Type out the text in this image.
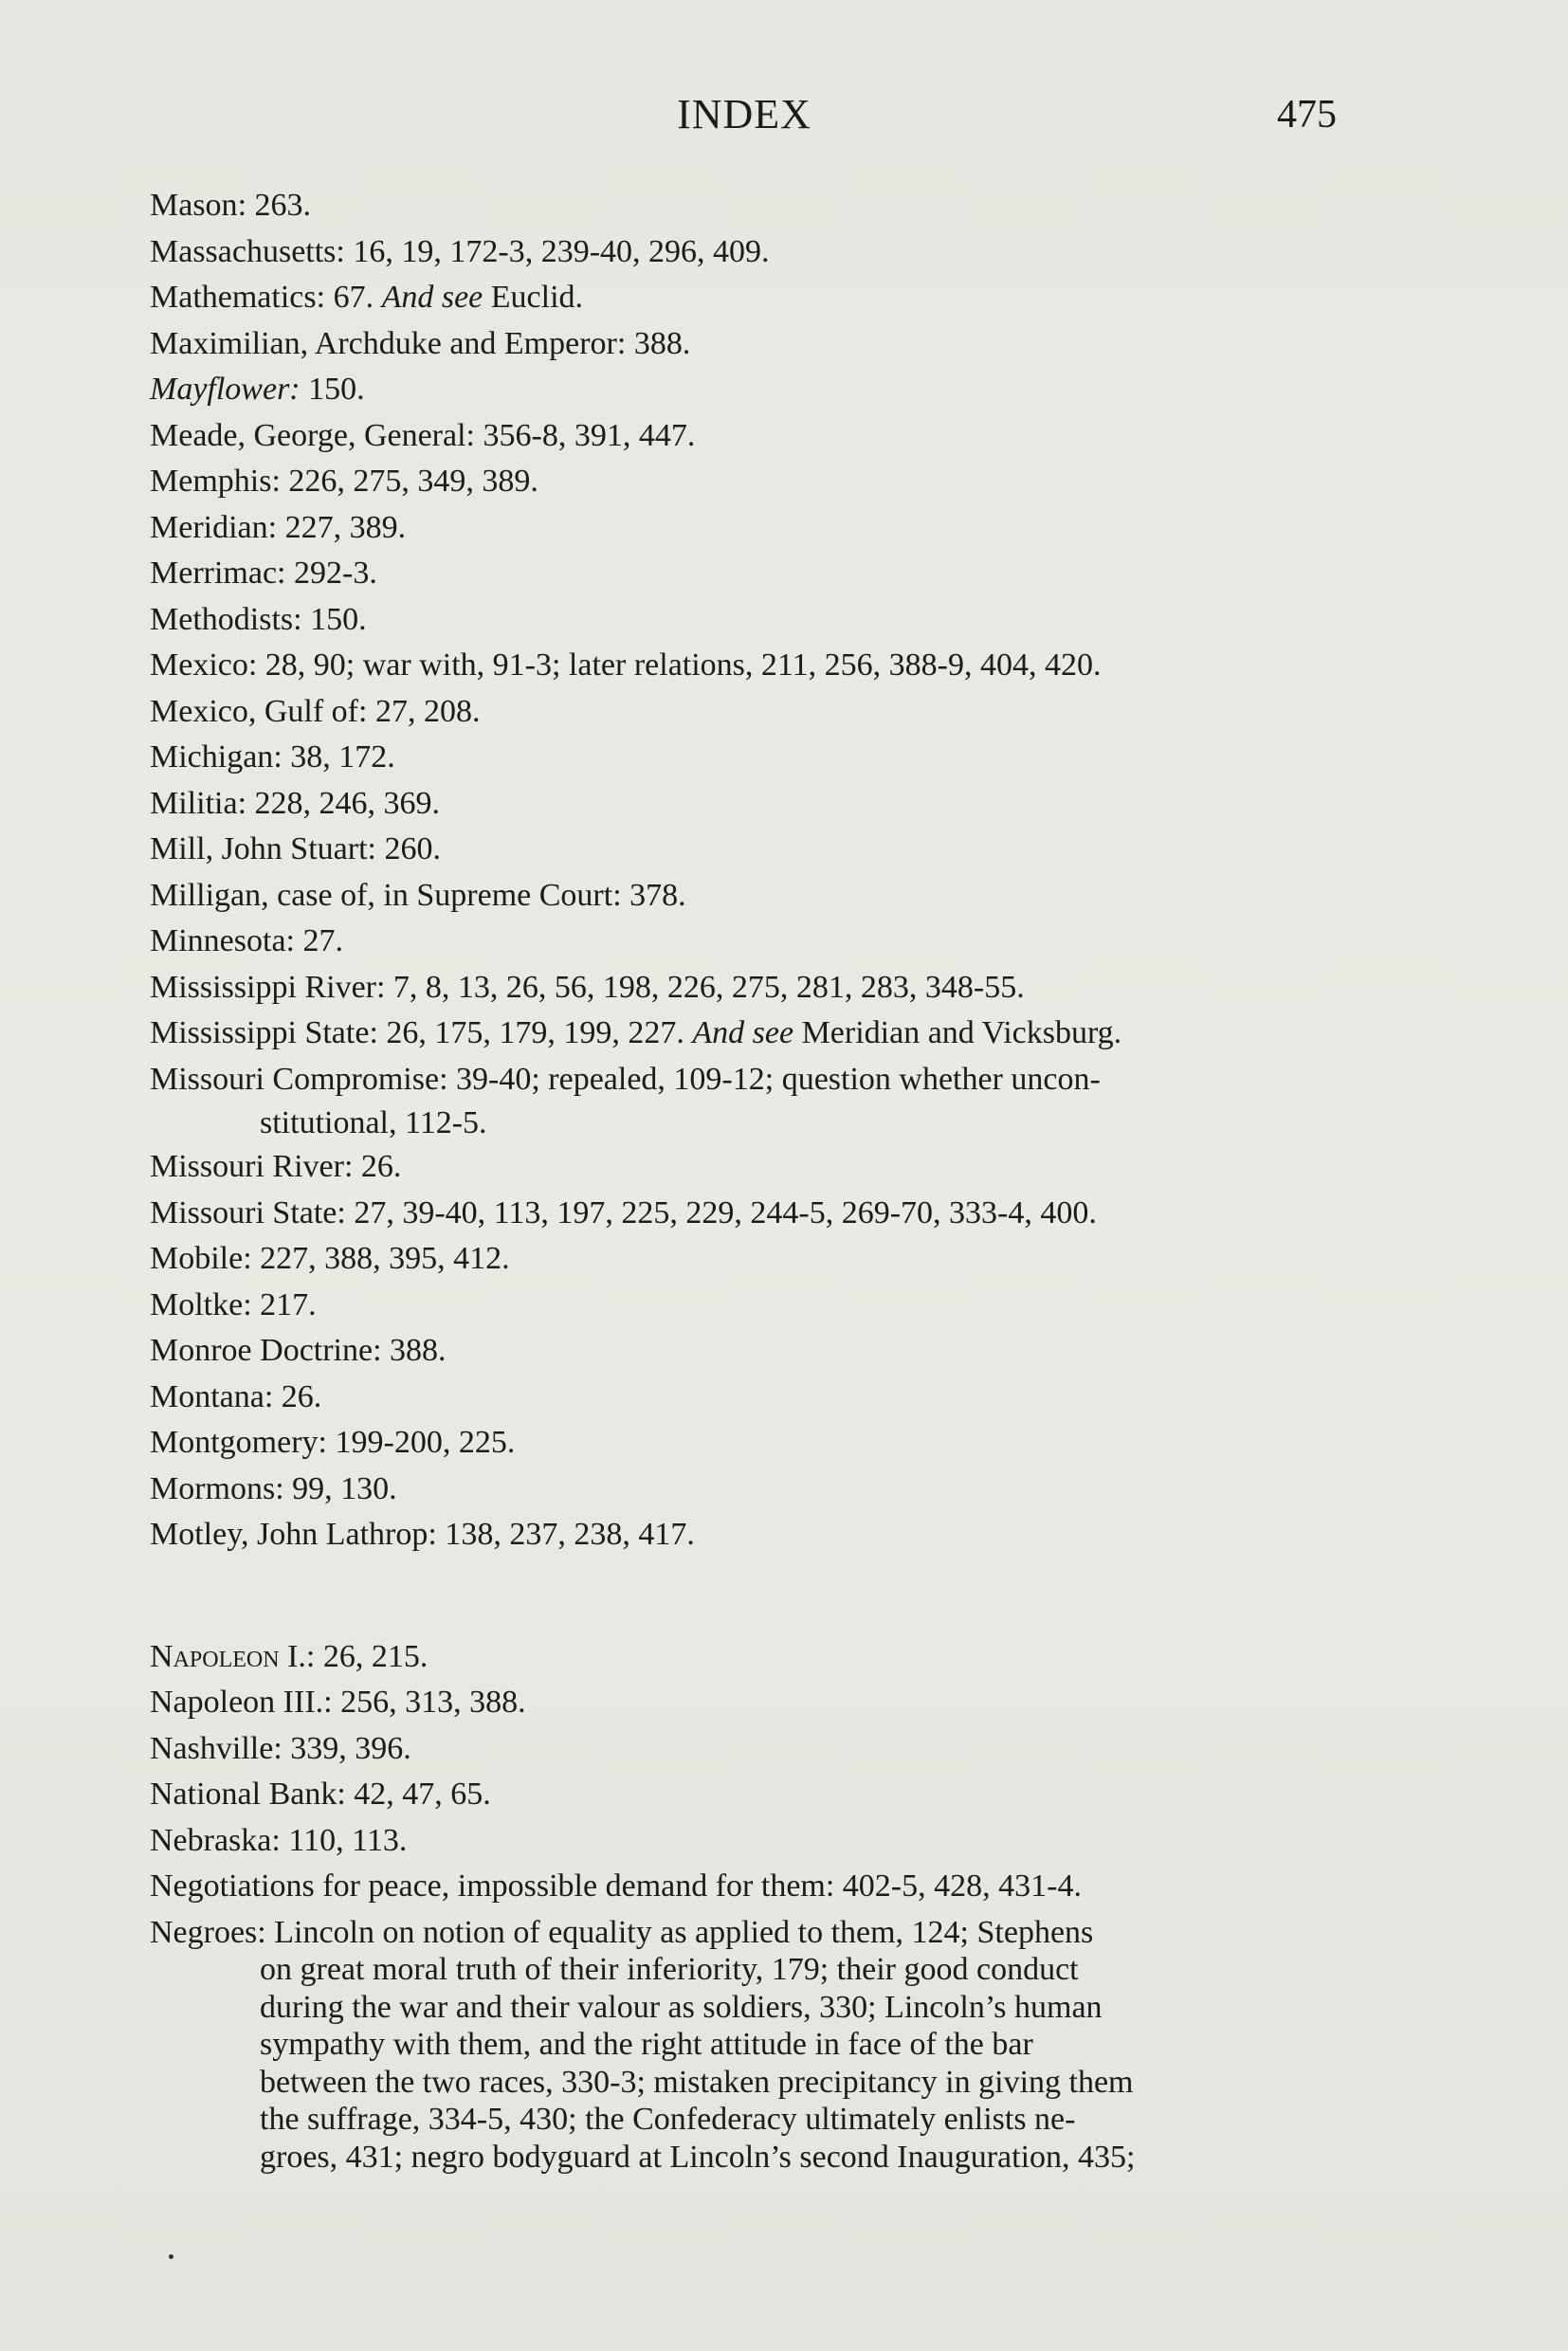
INDEX	475
Mason: 263.
Massachusetts: 16, 19, 172-3, 239-40, 296, 409.
Mathematics: 67. And see Euclid.
Maximilian, Archduke and Emperor: 388.
Mayflower: 150.
Meade, George, General: 356-8, 391, 447.
Memphis: 226, 275, 349, 389.
Meridian: 227, 389.
Merrimac: 292-3.
Methodists: 150.
Mexico: 28, 90; war with, 91-3; later relations, 211, 256, 388-9, 404, 420.
Mexico, Gulf of: 27, 208.
Michigan: 38, 172.
Militia: 228, 246, 369.
Mill, John Stuart: 260.
Milligan, case of, in Supreme Court: 378.
Minnesota: 27.
Mississippi River: 7, 8, 13, 26, 56, 198, 226, 275, 281, 283, 348-55.
Mississippi State: 26, 175, 179, 199, 227. And see Meridian and Vicksburg.
Missouri Compromise: 39-40; repealed, 109-12; question whether uncon-
stitutional, 112-5.
Missouri River: 26.
Missouri State: 27, 39-40, 113, 197, 225, 229, 244-5, 269-70, 333-4, 400.
Mobile: 227, 388, 395, 412.
Moltke: 217.
Monroe Doctrine: 388.
Montana: 26.
Montgomery: 199-200, 225.
Mormons: 99, 130.
Motley, John Lathrop: 138, 237, 238, 417.
Napoleon I.: 26, 215.
Napoleon III.: 256, 313, 388.
Nashville: 339, 396.
National Bank: 42, 47, 65.
Nebraska: 110, 113.
Negotiations for peace, impossible demand for them: 402-5, 428, 431-4.
Negroes: Lincoln on notion of equality as applied to them, 124; Stephens
on great moral truth of their inferiority, 179; their good conduct
during the war and their valour as soldiers, 330; Lincoln’s human
sympathy with them, and the right attitude in face of the bar
between the two races, 330-3; mistaken precipitancy in giving them
the suffrage, 334-5, 430; the Confederacy ultimately enlists ne-
groes, 431; negro bodyguard at Lincoln’s second Inauguration, 435;
